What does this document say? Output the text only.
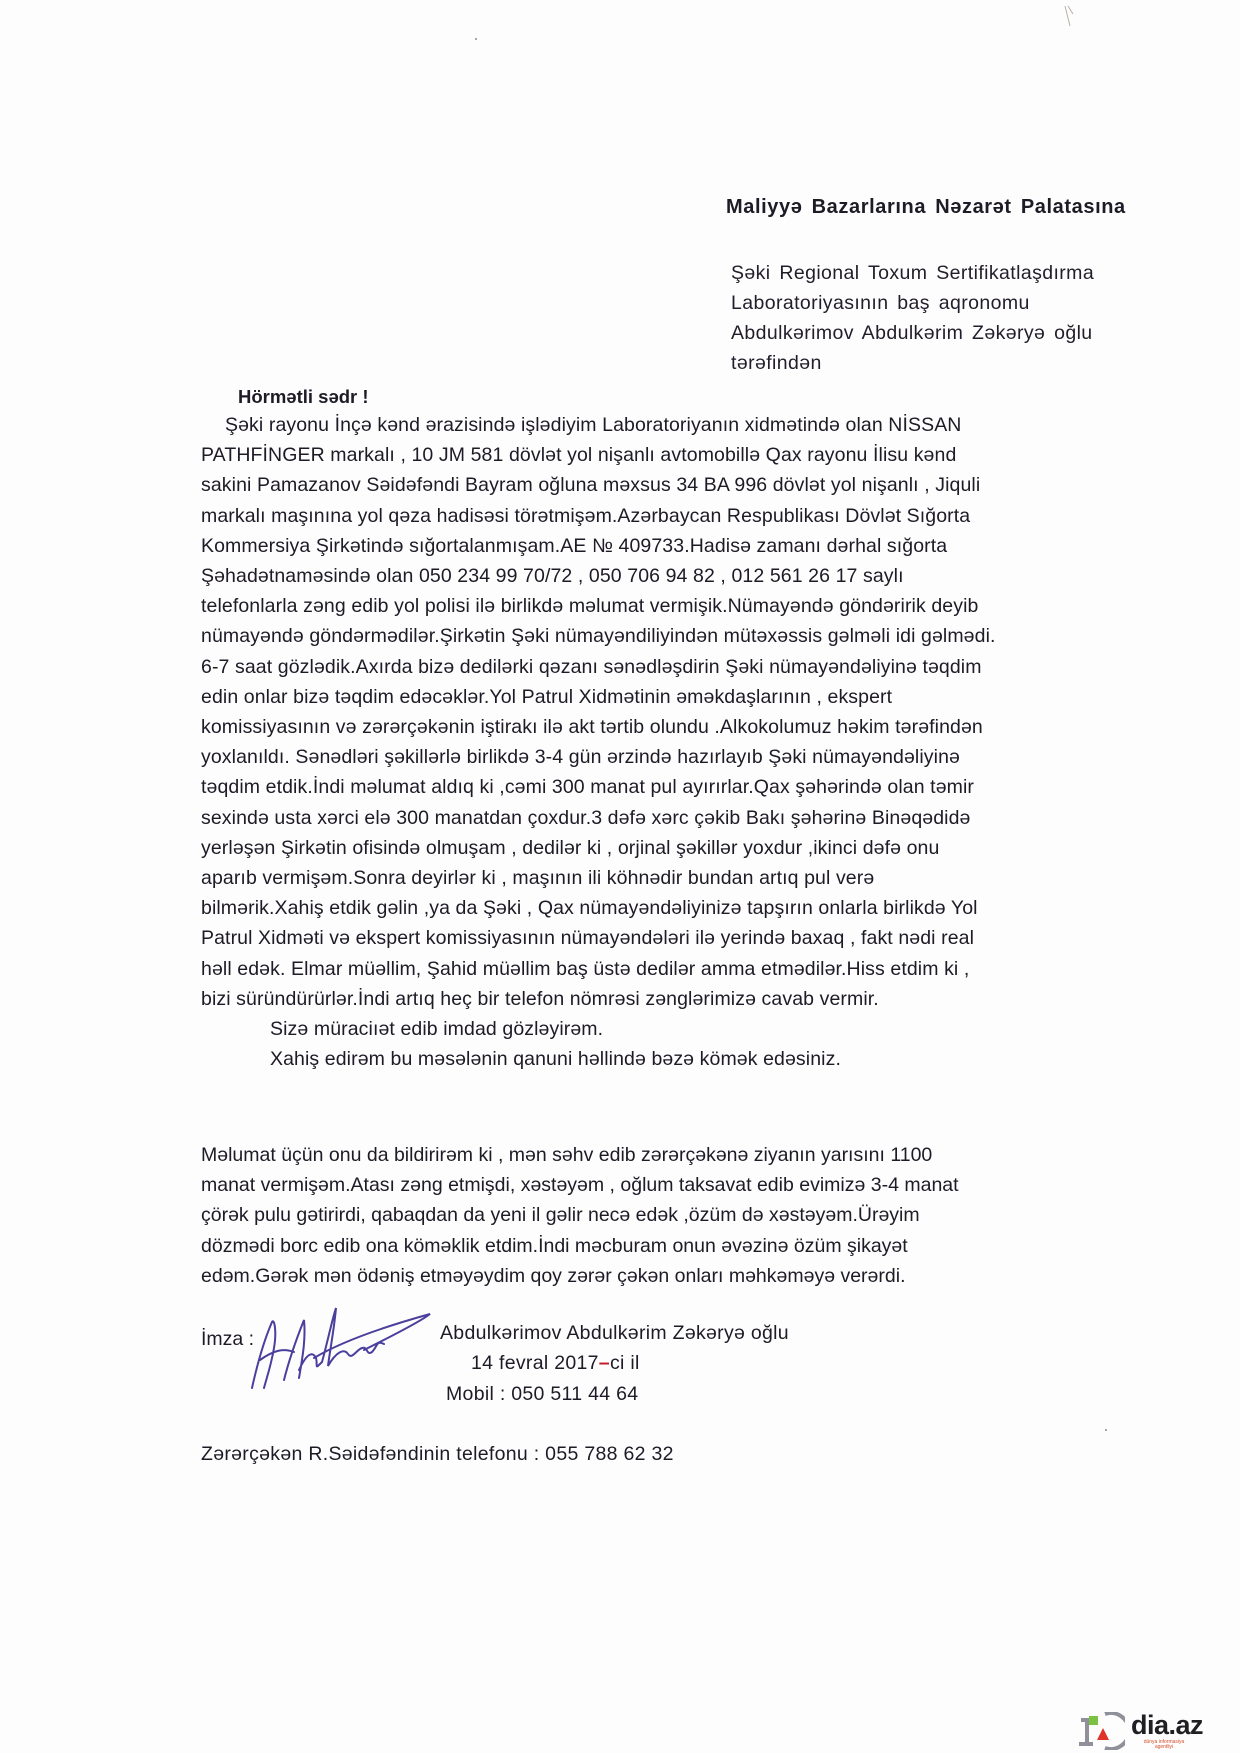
Maliyyə Bazarlarına Nəzarət Palatasına
Şəki Regional Toxum Sertifikatlaşdırma
Laboratoriyasının baş aqronomu
Abdulkərimov Abdulkərim Zəkəryə oğlu
tərəfindən
Hörmətli sədr !
Şəki rayonu İnçə kənd ərazisində işlədiyim Laboratoriyanın xidmətində olan NİSSAN
PATHFİNGER markalı , 10 JM 581 dövlət yol nişanlı avtomobillə Qax rayonu İlisu kənd
sakini Pamazanov Səidəfəndi Bayram oğluna məxsus 34 BA 996 dövlət yol nişanlı , Jiquli
markalı maşınına yol qəza hadisəsi törətmişəm.Azərbaycan Respublikası Dövlət Sığorta
Kommersiya Şirkətində sığortalanmışam.AE № 409733.Hadisə zamanı dərhal sığorta
Şəhadətnaməsində olan 050 234 99 70/72 , 050 706 94 82 , 012 561 26 17 saylı
telefonlarla zəng edib yol polisi ilə birlikdə məlumat vermişik.Nümayəndə göndəririk deyib
nümayəndə göndərmədilər.Şirkətin Şəki nümayəndiliyindən mütəxəssis gəlməli idi gəlmədi.
6-7 saat gözlədik.Axırda bizə dedilərki qəzanı sənədləşdirin Şəki nümayəndəliyinə təqdim
edin onlar bizə təqdim edəcəklər.Yol Patrul Xidmətinin əməkdaşlarının , ekspert
komissiyasının və zərərçəkənin iştirakı ilə akt tərtib olundu .Alkokolumuz həkim tərəfindən
yoxlanıldı. Sənədləri şəkillərlə birlikdə 3-4 gün ərzində hazırlayıb Şəki nümayəndəliyinə
təqdim etdik.İndi məlumat aldıq ki ,cəmi 300 manat pul ayırırlar.Qax şəhərində olan təmir
sexində usta xərci elə 300 manatdan çoxdur.3 dəfə xərc çəkib Bakı şəhərinə Binəqədidə
yerləşən Şirkətin ofisində olmuşam , dedilər ki , orjinal şəkillər yoxdur ,ikinci dəfə onu
aparıb vermişəm.Sonra deyirlər ki , maşının ili köhnədir bundan artıq pul verə
bilmərik.Xahiş etdik gəlin ,ya da Şəki , Qax nümayəndəliyinizə tapşırın onlarla birlikdə Yol
Patrul Xidməti və ekspert komissiyasının nümayəndələri ilə yerində baxaq , fakt nədi real
həll edək. Elmar müəllim, Şahid müəllim baş üstə dedilər amma etmədilər.Hiss etdim ki ,
bizi süründürürlər.İndi artıq heç bir telefon nömrəsi zənglərimizə cavab vermir.
Sizə müraciıət edib imdad gözləyirəm.
Xahiş edirəm bu məsələnin qanuni həllində bəzə kömək edəsiniz.
Məlumat üçün onu da bildirirəm ki , mən səhv edib zərərçəkənə ziyanın yarısını 1100
manat vermişəm.Atası zəng etmişdi, xəstəyəm , oğlum taksavat edib evimizə 3-4 manat
çörək pulu gətirirdi, qabaqdan da yeni il gəlir necə edək ,özüm də xəstəyəm.Ürəyim
dözmədi borc edib ona köməklik etdim.İndi məcburam onun əvəzinə özüm şikayət
edəm.Gərək mən ödəniş etməyəydim qoy zərər çəkən onları məhkəməyə verərdi.
İmza :	Abdulkərimov Abdulkərim Zəkəryə oğlu
14 fevral 2017–ci il
Mobil : 050 511 44 64
Zərərçəkən R.Səidəfəndinin telefonu : 055 788 62 32
dia.az
dünya informasiya
agentliyi
